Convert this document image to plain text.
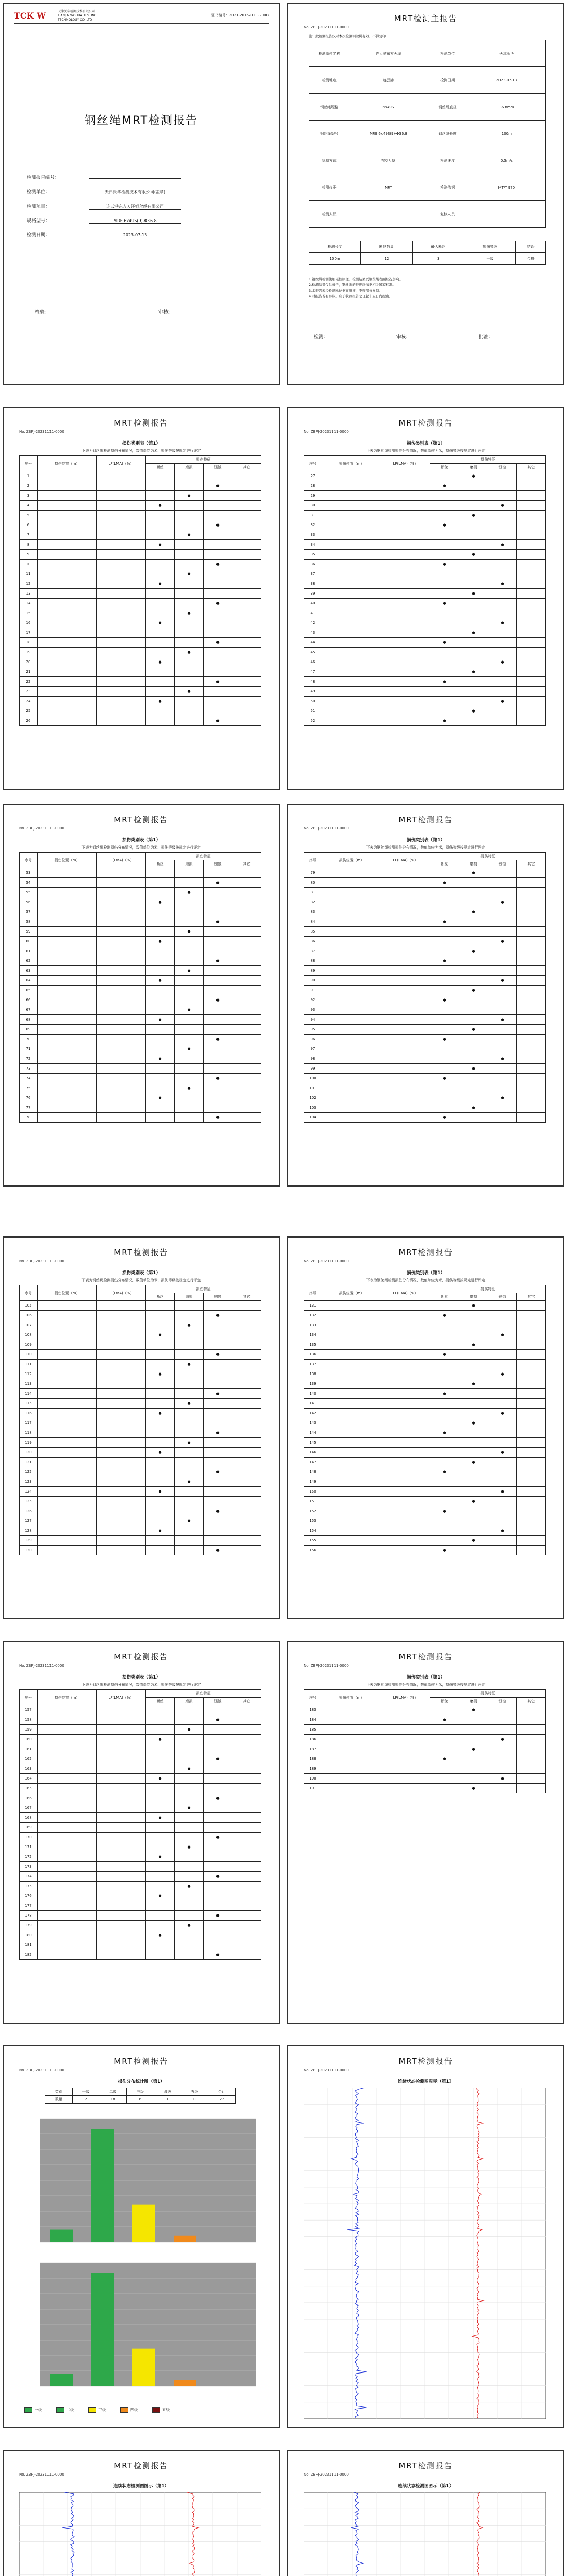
TCK W	天津沃华检测技术有限公司
TIANJIN WOHUA TESTING
TECHNOLOGY CO.,LTD
证书编号：2021-20162111-2008
钢丝绳MRT检测报告
检测报告编号：
检测单位：	天津沃华检测技术有限公司(盖章)
检测项目：	连云港东方天泽钢丝绳有限公司
规格型号：	MRE 6x49S(9)-Φ36.8
检测日期：	2023-07-13
检验：	审核：
MRT检测主报告
No. ZBFJ-20231111-0000
注：此检测报告仅对本次检测钢丝绳有效，不得复印
检测单位名称	连云港东方天泽	检测单位	天津沃华
检测地点	连云港	检测日期	2023-07-13
钢丝绳规格	6x49S	钢丝绳直径	36.8mm
钢丝绳型号	MRE 6x49S(9)-Φ36.8	钢丝绳长度	100m
捻制方式	右交互捻	检测速度	0.5m/s
检测仪器	MRT	检测依据	MT/T 970
检测人员		复核人员	
检测长度	断丝数量	最大断丝	损伤等级	结论
100m	12	3	一级	合格
1.钢丝绳检测使用磁性原理，检测结果受钢丝绳表面状况影响。
2.检测结果仅供参考，钢丝绳的报废应依据相关国家标准。
3.本报告未经检测单位书面批准，不得部分复制。
4.对报告若有异议，应于收到报告之日起十五日内提出。
检测：	审核：	批准：
MRT检测报告
No. ZBFJ-20231111-0000
损伤类别表（第1）
下表为钢丝绳检测损伤分布情况，数值单位为米，损伤等级按规定进行评定
序号	损伤位置（m）	LF(LMA)（%）	损伤特征			
			断丝	磨损	锈蚀	其它
1						
2					●	
3				●		
4			●			
5						
6					●	
7				●		
8			●			
9						
10					●	
11				●		
12			●			
13						
14					●	
15				●		
16			●			
17						
18					●	
19				●		
20			●			
21						
22					●	
23				●		
24			●			
25						
26					●	
MRT检测报告
No. ZBFJ-20231111-0000
损伤类别表（第1）
下表为钢丝绳检测损伤分布情况，数值单位为米，损伤等级按规定进行评定
序号	损伤位置（m）	LF(LMA)（%）	损伤特征			
			断丝	磨损	锈蚀	其它
27				●		
28			●			
29						
30					●	
31				●		
32			●			
33						
34					●	
35				●		
36			●			
37						
38					●	
39				●		
40			●			
41						
42					●	
43				●		
44			●			
45						
46					●	
47				●		
48			●			
49						
50					●	
51				●		
52			●			
MRT检测报告
No. ZBFJ-20231111-0000
损伤类别表（第1）
下表为钢丝绳检测损伤分布情况，数值单位为米，损伤等级按规定进行评定
序号	损伤位置（m）	LF(LMA)（%）	损伤特征			
			断丝	磨损	锈蚀	其它
53						
54					●	
55				●		
56			●			
57						
58					●	
59				●		
60			●			
61						
62					●	
63				●		
64			●			
65						
66					●	
67				●		
68			●			
69						
70					●	
71				●		
72			●			
73						
74					●	
75				●		
76			●			
77						
78					●	
MRT检测报告
No. ZBFJ-20231111-0000
损伤类别表（第1）
下表为钢丝绳检测损伤分布情况，数值单位为米，损伤等级按规定进行评定
序号	损伤位置（m）	LF(LMA)（%）	损伤特征			
			断丝	磨损	锈蚀	其它
79				●		
80			●			
81						
82					●	
83				●		
84			●			
85						
86					●	
87				●		
88			●			
89						
90					●	
91				●		
92			●			
93						
94					●	
95				●		
96			●			
97						
98					●	
99				●		
100			●			
101						
102					●	
103				●		
104			●			
MRT检测报告
No. ZBFJ-20231111-0000
损伤类别表（第1）
下表为钢丝绳检测损伤分布情况，数值单位为米，损伤等级按规定进行评定
序号	损伤位置（m）	LF(LMA)（%）	损伤特征			
			断丝	磨损	锈蚀	其它
105						
106					●	
107				●		
108			●			
109						
110					●	
111				●		
112			●			
113						
114					●	
115				●		
116			●			
117						
118					●	
119				●		
120			●			
121						
122					●	
123				●		
124			●			
125						
126					●	
127				●		
128			●			
129						
130					●	
MRT检测报告
No. ZBFJ-20231111-0000
损伤类别表（第1）
下表为钢丝绳检测损伤分布情况，数值单位为米，损伤等级按规定进行评定
序号	损伤位置（m）	LF(LMA)（%）	损伤特征			
			断丝	磨损	锈蚀	其它
131				●		
132			●			
133						
134					●	
135				●		
136			●			
137						
138					●	
139				●		
140			●			
141						
142					●	
143				●		
144			●			
145						
146					●	
147				●		
148			●			
149						
150					●	
151				●		
152			●			
153						
154					●	
155				●		
156			●			
MRT检测报告
No. ZBFJ-20231111-0000
损伤类别表（第1）
下表为钢丝绳检测损伤分布情况，数值单位为米，损伤等级按规定进行评定
序号	损伤位置（m）	LF(LMA)（%）	损伤特征			
			断丝	磨损	锈蚀	其它
157						
158					●	
159				●		
160			●			
161						
162					●	
163				●		
164			●			
165						
166					●	
167				●		
168			●			
169						
170					●	
171				●		
172			●			
173						
174					●	
175				●		
176			●			
177						
178					●	
179				●		
180			●			
181						
182					●	
MRT检测报告
No. ZBFJ-20231111-0000
损伤类别表（第1）
下表为钢丝绳检测损伤分布情况，数值单位为米，损伤等级按规定进行评定
序号	损伤位置（m）	LF(LMA)（%）	损伤特征			
			断丝	磨损	锈蚀	其它
183				●		
184			●			
185						
186					●	
187				●		
188			●			
189						
190					●	
191				●		
MRT检测报告
No. ZBFJ-20231111-0000
损伤分布统计图（第1）
类别	一级	二级	三级	四级	五级	合计
数量	2	18	6	1	0	27
一级	二级	三级	四级	五级
MRT检测报告
No. ZBFJ-20231111-0000
连续状态检测图图示（第1）
MRT检测报告
No. ZBFJ-20231111-0000
连续状态检测图图示（第1）
MRT检测报告
No. ZBFJ-20231111-0000
连续状态检测图图示（第1）
